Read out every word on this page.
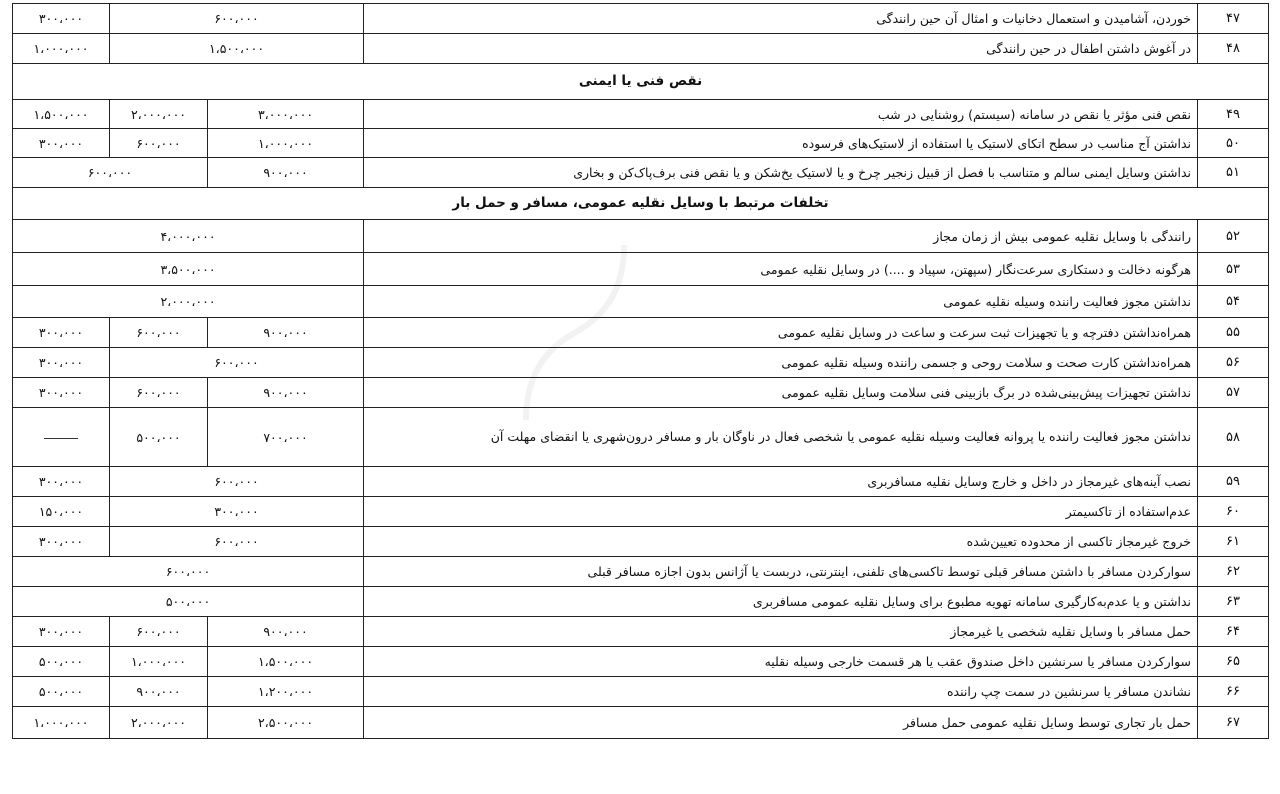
۳۰۰،۰۰۰	۶۰۰،۰۰۰		خوردن، آشامیدن و استعمال دخانیات و امثال آن حین رانندگی	۴۷
۱،۰۰۰،۰۰۰	۱،۵۰۰،۰۰۰		در آغوش داشتن اطفال در حین رانندگی	۴۸
نقص فنی یا ایمنی				
۱،۵۰۰،۰۰۰	۲،۰۰۰،۰۰۰	۳،۰۰۰،۰۰۰	نقص فنی مؤثر یا نقص در سامانه (سیستم) روشنایی در شب	۴۹
۳۰۰،۰۰۰	۶۰۰،۰۰۰	۱،۰۰۰،۰۰۰	نداشتن آج مناسب در سطح اتکای لاستیک یا استفاده از لاستیک‌های فرسوده	۵۰
۶۰۰،۰۰۰		۹۰۰،۰۰۰	نداشتن وسایل ایمنی سالم و متناسب با فصل از قبیل زنجیر چرخ و یا لاستیک یخ‌شکن و یا نقص فنی برف‌پاک‌کن و بخاری	۵۱
تخلفات مرتبط با وسایل نقلیه عمومی، مسافر و حمل بار				
۴،۰۰۰،۰۰۰			رانندگی با وسایل نقلیه عمومی بیش از زمان مجاز	۵۲
۳،۵۰۰،۰۰۰			هرگونه دخالت و دستکاری سرعت‌نگار (سپهتن، سپیاد و ....) در وسایل نقلیه عمومی	۵۳
۲،۰۰۰،۰۰۰			نداشتن مجوز فعالیت راننده وسیله نقلیه عمومی	۵۴
۳۰۰،۰۰۰	۶۰۰،۰۰۰	۹۰۰،۰۰۰	همراه‌نداشتن دفترچه و یا تجهیزات ثبت سرعت و ساعت در وسایل نقلیه عمومی	۵۵
۳۰۰،۰۰۰	۶۰۰،۰۰۰		همراه‌نداشتن کارت صحت و سلامت روحی و جسمی راننده وسیله نقلیه عمومی	۵۶
۳۰۰،۰۰۰	۶۰۰،۰۰۰	۹۰۰،۰۰۰	نداشتن تجهیزات پیش‌بینی‌شده در برگ بازبینی فنی سلامت وسایل نقلیه عمومی	۵۷
	۵۰۰،۰۰۰	۷۰۰،۰۰۰	نداشتن مجوز فعالیت راننده یا پروانه فعالیت وسیله نقلیه عمومی یا شخصی فعال در ناوگان بار و مسافر درون‌شهری یا انقضای مهلت آن	۵۸
۳۰۰،۰۰۰	۶۰۰،۰۰۰		نصب آینه‌های غیرمجاز در داخل و خارج وسایل نقلیه مسافربری	۵۹
۱۵۰،۰۰۰	۳۰۰،۰۰۰		عدم‌استفاده از تاکسیمتر	۶۰
۳۰۰،۰۰۰	۶۰۰،۰۰۰		خروج غیرمجاز تاکسی از محدوده تعیین‌شده	۶۱
۶۰۰،۰۰۰			سوارکردن مسافر با داشتن مسافر قبلی توسط تاکسی‌های تلفنی، اینترنتی، دربست یا آژانس بدون اجازه مسافر قبلی	۶۲
۵۰۰،۰۰۰			نداشتن و یا عدم‌به‌کارگیری سامانه تهویه مطبوع برای وسایل نقلیه عمومی مسافربری	۶۳
۳۰۰،۰۰۰	۶۰۰،۰۰۰	۹۰۰،۰۰۰	حمل مسافر با وسایل نقلیه شخصی یا غیرمجاز	۶۴
۵۰۰،۰۰۰	۱،۰۰۰،۰۰۰	۱،۵۰۰،۰۰۰	سوارکردن مسافر یا سرنشین داخل صندوق عقب یا هر قسمت خارجی وسیله نقلیه	۶۵
۵۰۰،۰۰۰	۹۰۰،۰۰۰	۱،۲۰۰،۰۰۰	نشاندن مسافر یا سرنشین در سمت چپ راننده	۶۶
۱،۰۰۰،۰۰۰	۲،۰۰۰،۰۰۰	۲،۵۰۰،۰۰۰	حمل بار تجاری توسط وسایل نقلیه عمومی حمل مسافر	۶۷
